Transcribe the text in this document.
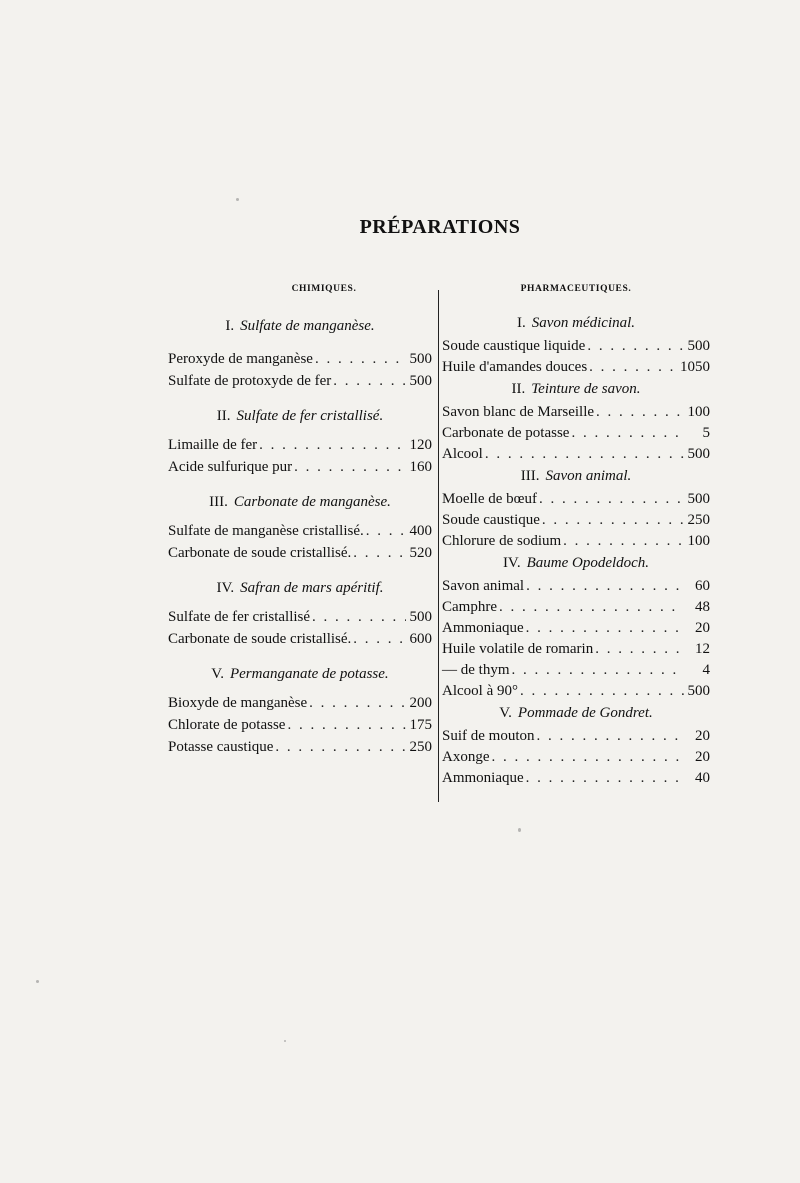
PRÉPARATIONS
CHIMIQUES.
I. Sulfate de manganèse.
Peroxyde de manganèse . . .	500
Sulfate de protoxyde de fer . . .	500
II. Sulfate de fer cristallisé.
Limaille de fer . . .	120
Acide sulfurique pur . . .	160
III. Carbonate de manganèse.
Sulfate de manganèse cristallisé. . . .	400
Carbonate de soude cristallisé. . . .	520
IV. Safran de mars apéritif.
Sulfate de fer cristallisé . . .	500
Carbonate de soude cristallisé. . . .	600
V. Permanganate de potasse.
Bioxyde de manganèse . . .	200
Chlorate de potasse . . .	175
Potasse caustique . . .	250
PHARMACEUTIQUES.
I. Savon médicinal.
Soude caustique liquide . . .	500
Huile d'amandes douces . . .	1050
II. Teinture de savon.
Savon blanc de Marseille . . .	100
Carbonate de potasse . . .	5
Alcool . . .	500
III. Savon animal.
Moelle de bœuf . . .	500
Soude caustique . . .	250
Chlorure de sodium . . .	100
IV. Baume Opodeldoch.
Savon animal . . .	60
Camphre . . .	48
Ammoniaque . . .	20
Huile volatile de romarin . . .	12
— de thym . . .	4
Alcool à 90° . . .	500
V. Pommade de Gondret.
Suif de mouton . . .	20
Axonge . . .	20
Ammoniaque . . .	40
